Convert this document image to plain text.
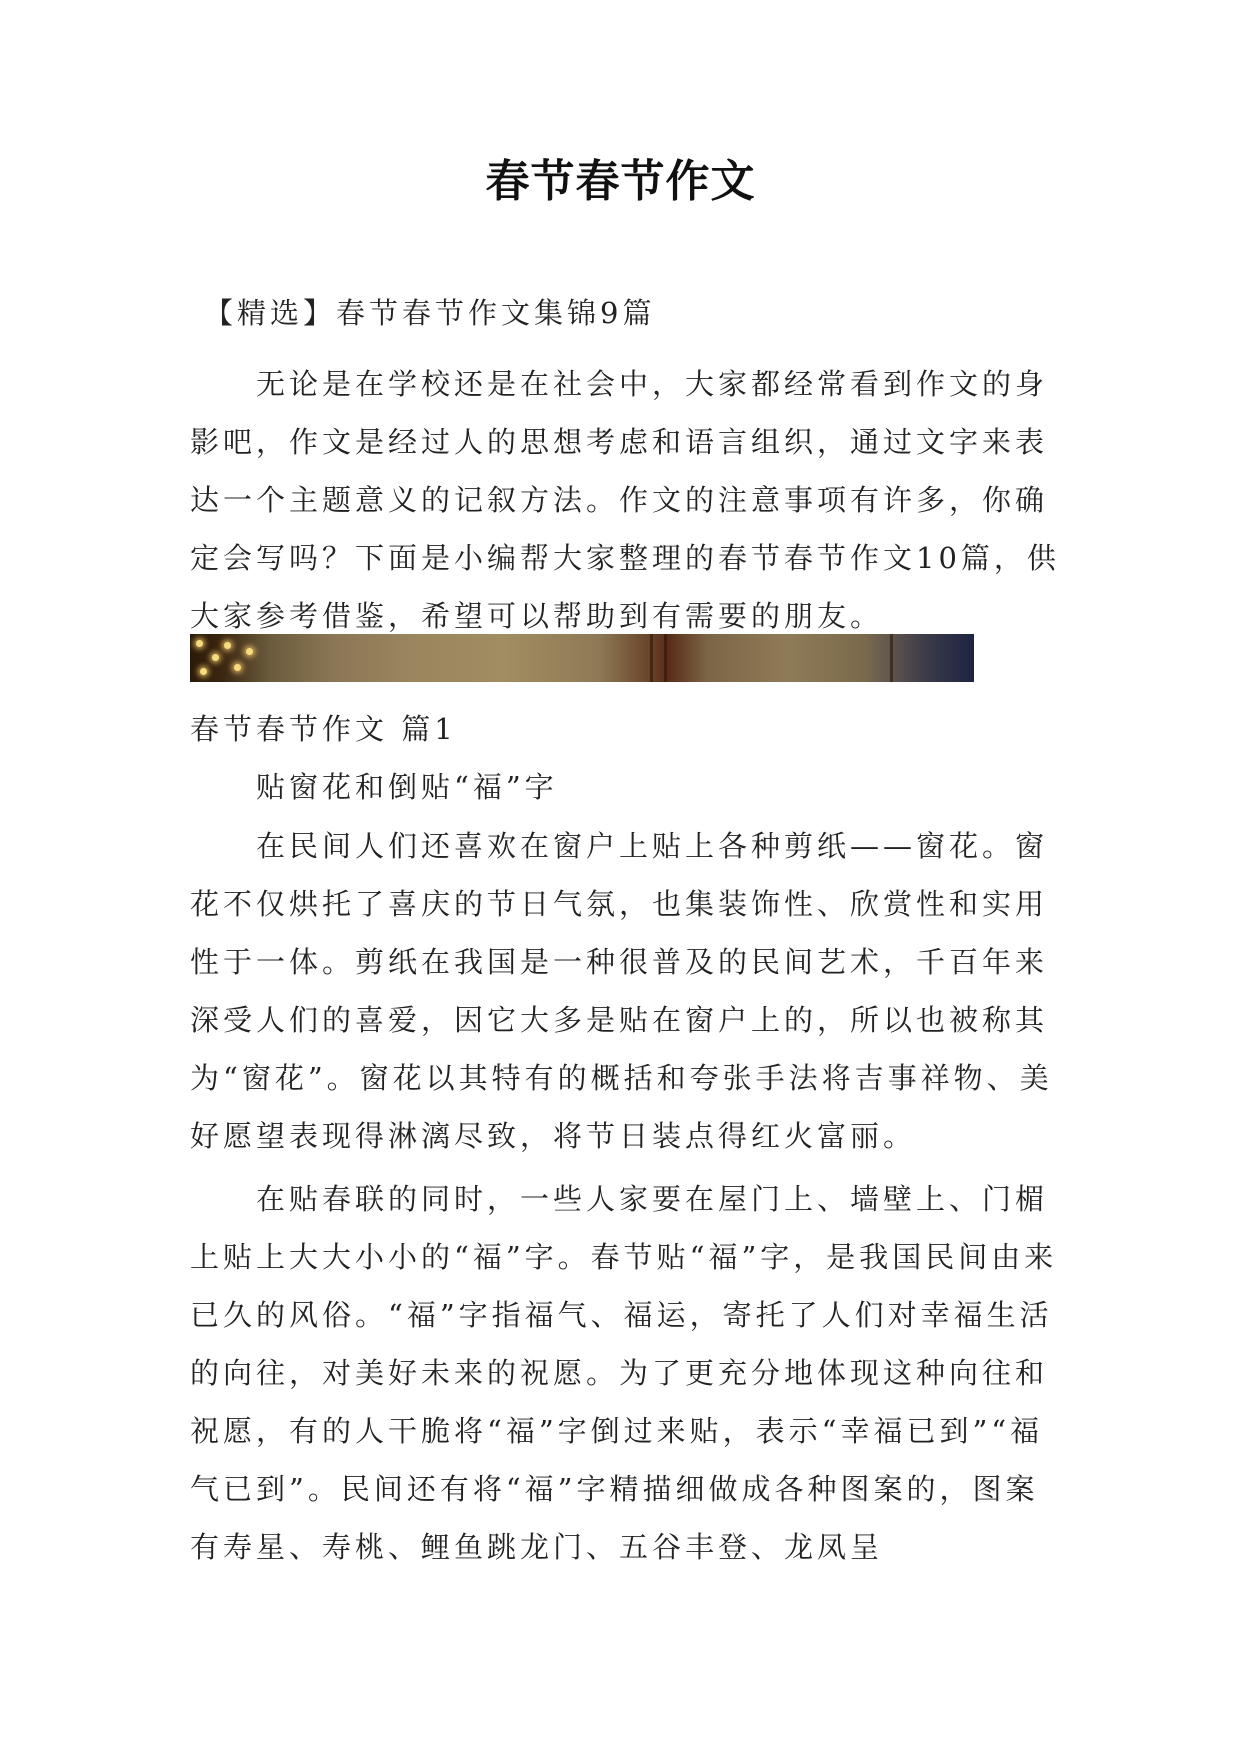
春节春节作文

【精选】春节春节作文集锦9篇

无论是在学校还是在社会中，大家都经常看到作文的身影吧，作文是经过人的思想考虑和语言组织，通过文字来表达一个主题意义的记叙方法。作文的注意事项有许多，你确定会写吗？下面是小编帮大家整理的春节春节作文10篇，供大家参考借鉴，希望可以帮助到有需要的朋友。

春节春节作文 篇1

贴窗花和倒贴“福”字

在民间人们还喜欢在窗户上贴上各种剪纸——窗花。窗花不仅烘托了喜庆的节日气氛，也集装饰性、欣赏性和实用性于一体。剪纸在我国是一种很普及的民间艺术，千百年来深受人们的喜爱，因它大多是贴在窗户上的，所以也被称其为“窗花”。窗花以其特有的概括和夸张手法将吉事祥物、美好愿望表现得淋漓尽致，将节日装点得红火富丽。

在贴春联的同时，一些人家要在屋门上、墙壁上、门楣上贴上大大小小的“福”字。春节贴“福”字，是我国民间由来已久的风俗。“福”字指福气、福运，寄托了人们对幸福生活的向往，对美好未来的祝愿。为了更充分地体现这种向往和祝愿，有的人干脆将“福”字倒过来贴，表示“幸福已到”“福气已到”。民间还有将“福”字精描细做成各种图案的，图案有寿星、寿桃、鲤鱼跳龙门、五谷丰登、龙凤呈
